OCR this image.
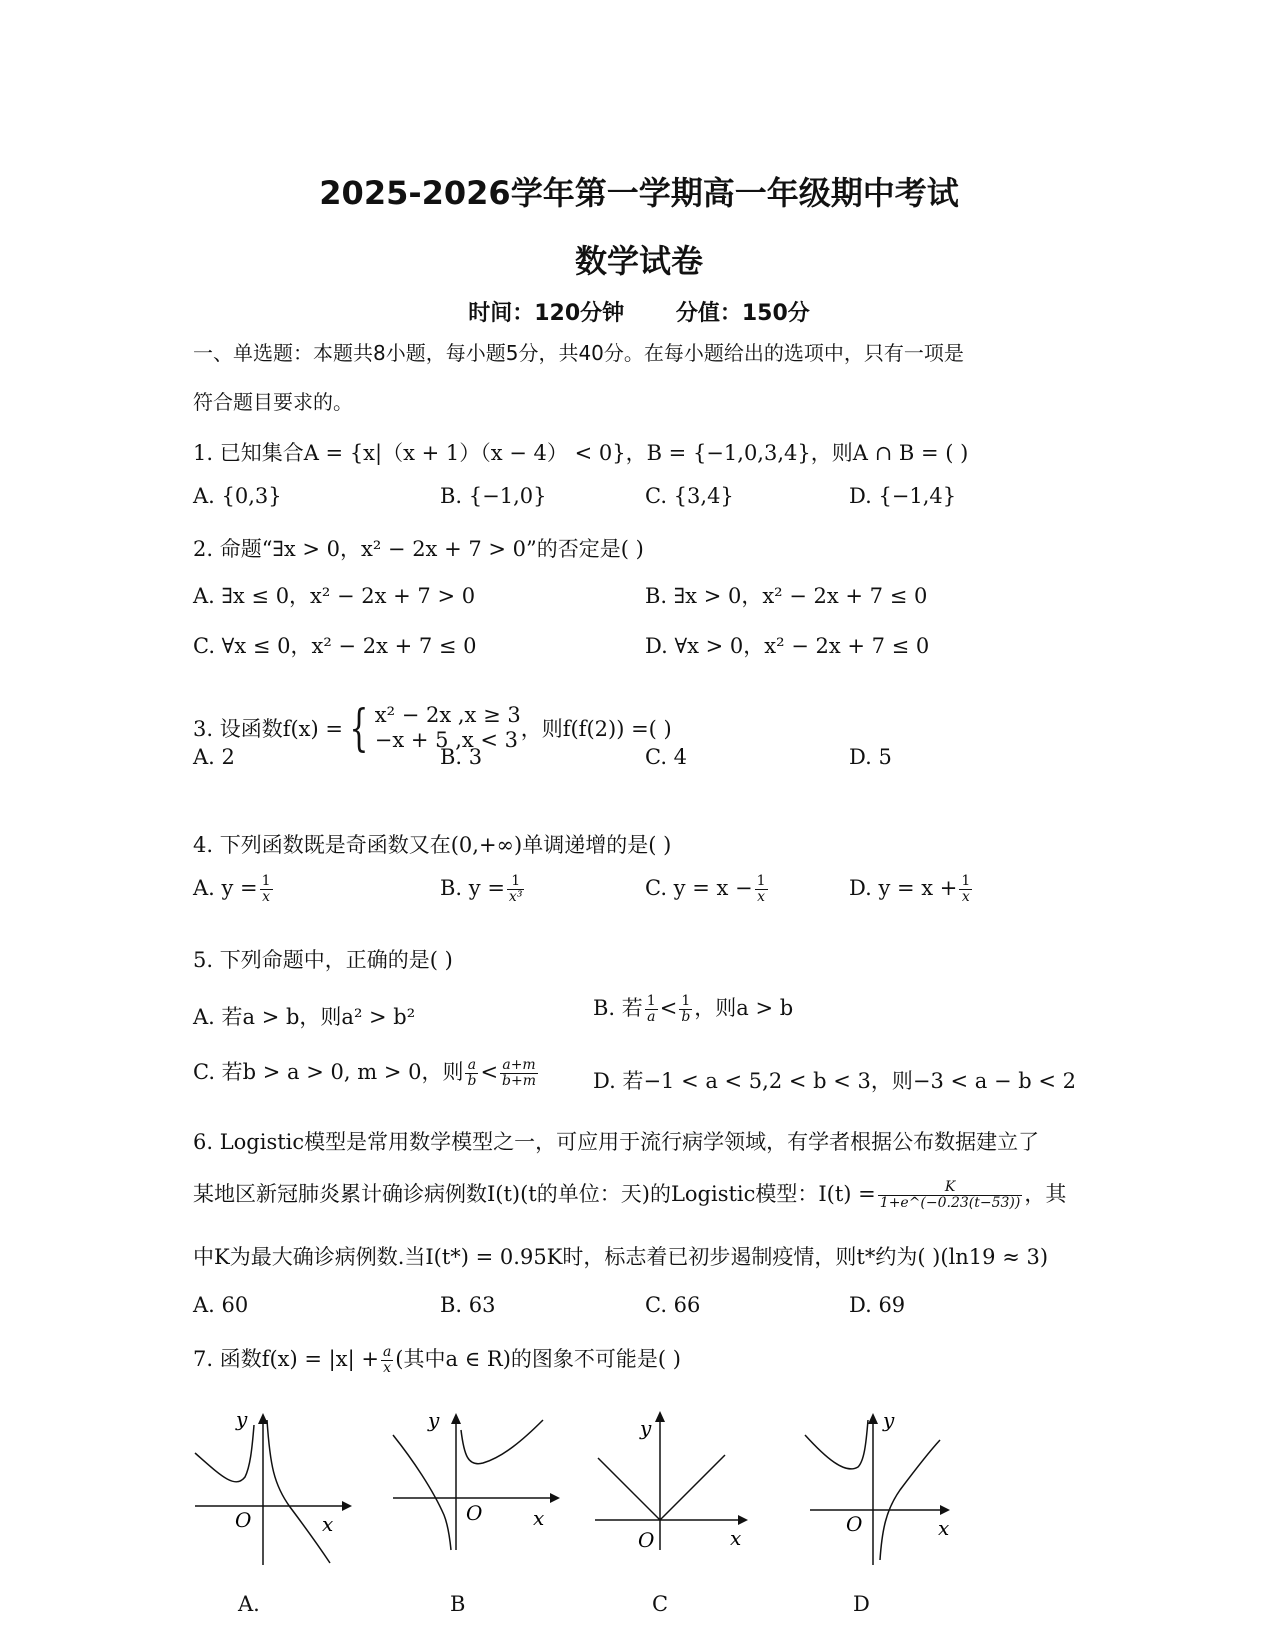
2025-2026学年第一学期高一年级期中考试
数学试卷
时间：120分钟 分值：150分
一、单选题：本题共8小题，每小题5分，共40分。在每小题给出的选项中，只有一项是
符合题目要求的。
1. 已知集合A = {x|（x + 1）（x − 4） < 0}，B = {−1,0,3,4}，则A ∩ B = ( )
A. {0,3}	B. {−1,0}	C. {3,4}	D. {−1,4}
2. 命题“∃x > 0，x² − 2x + 7 > 0”的否定是( )
A. ∃x ≤ 0，x² − 2x + 7 > 0	B. ∃x > 0，x² − 2x + 7 ≤ 0
C. ∀x ≤ 0，x² − 2x + 7 ≤ 0	D. ∀x > 0，x² − 2x + 7 ≤ 0
3. 设函数f(x) = { x² − 2x ,x ≥ 3
−x + 5 ,x < 3 ，则f(f(2)) =( )
A. 2	B. 3	C. 4	D. 5
4. 下列函数既是奇函数又在(0,+∞)单调递增的是( )
A. $y = \frac{1}{x}$	B. $y = \frac{1}{\text{x³}}$	C. $y = x - \frac{1}{x}$	D. $y = x + \frac{1}{x}$
5. 下列命题中，正确的是( )
A. 若a > b，则a² > b²	B. 若 $\frac{1}{a} < \frac{1}{b}$ ，则a > b
C. 若b > a > 0, m > 0，则 $\frac{a}{b} < \frac{a+m}{b+m}$	D. 若−1 < a < 5,2 < b < 3，则−3 < a − b < 2
6. Logistic模型是常用数学模型之一，可应用于流行病学领域，有学者根据公布数据建立了
某地区新冠肺炎累计确诊病例数I(t)(t的单位：天)的Logistic模型：$I(t) = \frac{K}{1+e\^{}(-0.23(t-53))}$ ，其
中K为最大确诊病例数.当I(t*) = 0.95K时，标志着已初步遏制疫情，则t*约为( )(ln19 ≈ 3)
A. 60	B. 63	C. 66	D. 69
7. 函数$f(x) = |x| + \frac{a}{x}$ (其中a ∈ R)的图象不可能是( )
y
O	x
A.
y
O	x
B
y
O	x
C
y
O	x
D
